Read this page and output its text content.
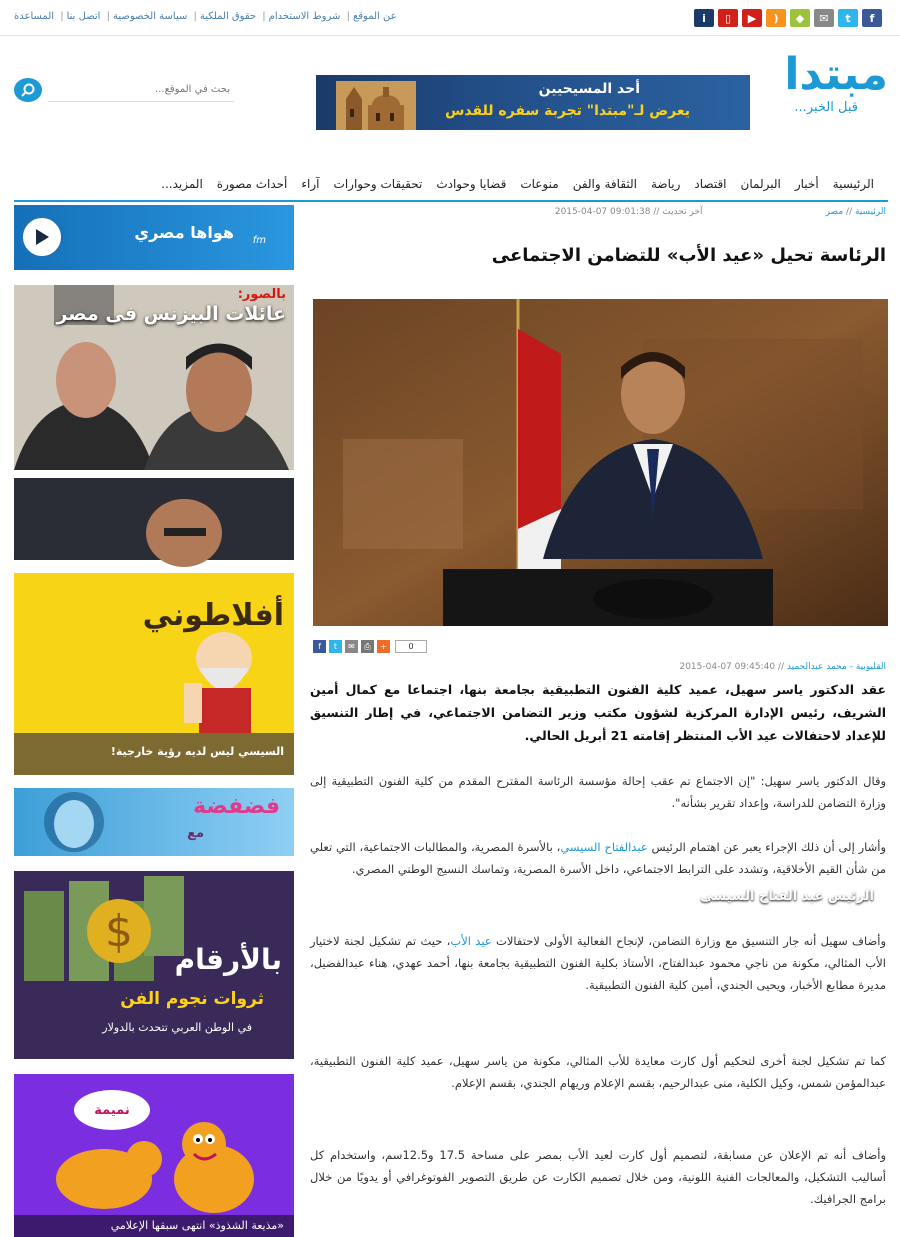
عن الموقع| شروط الاستخدام| حقوق الملكية| سياسة الخصوصية| اتصل بنا| المساعدة	f
t
✉
◆
)
▶
▯
i
مبتدا
قبل الخبر...
أحد المسيحيين
يعرض لـ"مبتدا" تجربة سفره للقدس
بحث في الموقع...
الرئيسية
أخبار
البرلمان
اقتصاد
رياضة
الثقافة والفن
منوعات
قضايا وحوادث
تحقيقات وحوارات
آراء
أحداث مصورة
المزيد...
الرئيسية // مصر                                           آخر تحديث // 09:01:38 07-04-2015
الرئاسة تحيل «عيد الأب» للتضامن الاجتماعى
الرئيس عبد الفتاح السيسى
f	t	✉	⎙	+	0
القليوبية - محمد عبدالحميد // 09:45:40 07-04-2015
عقد الدكتور ياسر سهيل، عميد كلية الفنون التطبيقية بجامعة بنها، اجتماعا مع كمال أمين الشريف، رئيس الإدارة المركزية لشؤون مكتب وزير التضامن الاجتماعي، في إطار التنسيق للإعداد لاحتفالات عيد الأب المنتظر إقامته 21 أبريل الحالي.
وقال الدكتور ياسر سهيل: "إن الاجتماع تم عقب إحالة مؤسسة الرئاسة المقترح المقدم من كلية الفنون التطبيقية إلى وزارة التضامن للدراسة، وإعداد تقرير بشأنه".
وأشار إلى أن ذلك الإجراء يعبر عن اهتمام الرئيس عبدالفتاح السيسي، بالأسرة المصرية، والمطالبات الاجتماعية، التي تعلي من شأن القيم الأخلاقية، وتشدد على الترابط الاجتماعي، داخل الأسرة المصرية، وتماسك النسيج الوطني المصري.
وأضاف سهيل أنه جار التنسيق مع وزارة التضامن، لإنجاح الفعالية الأولى لاحتفالات عيد الأب، حيث تم تشكيل لجنة لاختيار الأب المثالي، مكونة من ناجي محمود عبدالفتاح، الأستاذ بكلية الفنون التطبيقية بجامعة بنها، أحمد عهدي، هناء عبدالفضيل، مديرة مطابع الأخبار، ويحيى الجندي، أمين كلية الفنون التطبيقية.
كما تم تشكيل لجنة أخرى لتحكيم أول كارت معايدة للأب المثالي، مكونة من ياسر سهيل، عميد كلية الفنون التطبيقية، عبدالمؤمن شمس، وكيل الكلية، منى عبدالرحيم، بقسم الإعلام وريهام الجندي، بقسم الإعلام.
وأضاف أنه تم الإعلان عن مسابقة، لتصميم أول كارت لعيد الأب بمصر على مساحة 17.5 و12.5سم، واستخدام كل أساليب التشكيل، والمعالجات الفنية اللونية، ومن خلال تصميم الكارت عن طريق التصوير الفوتوغرافي أو يدويًا من خلال برامج الجرافيك.
هواها مصري fm
بالصور:
عائلات البيزنس فى مصر
أفلاطوني
السيسي ليس لديه رؤية خارجية!
فضفضة
مع
$
بالأرقام
ثروات نجوم الفن
في الوطن العربي تتحدث بالدولار
نميمة
«مذيعة الشذوذ» انتهى سبقها الإعلامي
